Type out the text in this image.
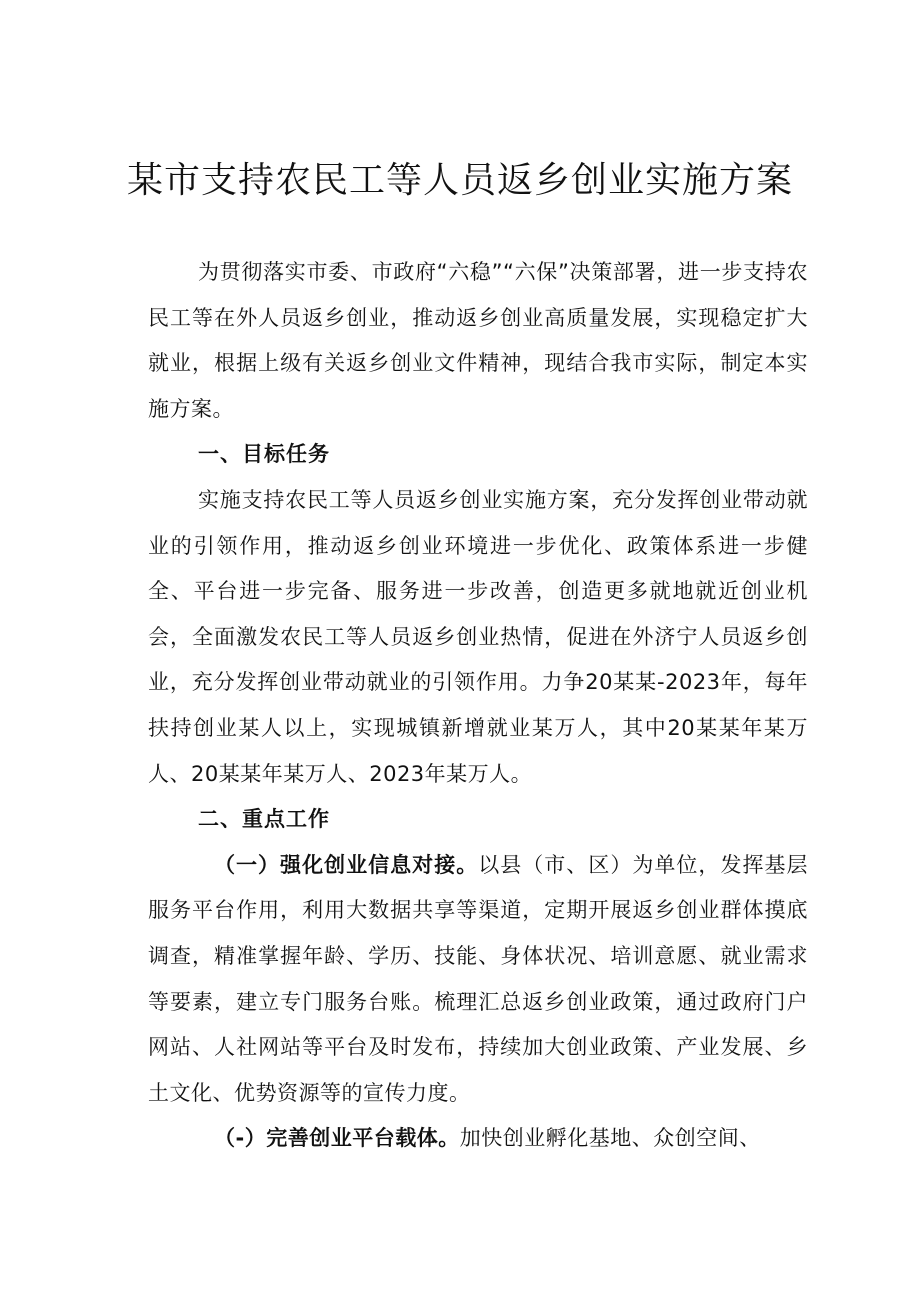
某市支持农民工等人员返乡创业实施方案

为贯彻落实市委、市政府“六稳”“六保”决策部署，进一步支持农民工等在外人员返乡创业，推动返乡创业高质量发展，实现稳定扩大就业，根据上级有关返乡创业文件精神，现结合我市实际，制定本实施方案。

一、目标任务

实施支持农民工等人员返乡创业实施方案，充分发挥创业带动就业的引领作用，推动返乡创业环境进一步优化、政策体系进一步健全、平台进一步完备、服务进一步改善，创造更多就地就近创业机会，全面激发农民工等人员返乡创业热情，促进在外济宁人员返乡创业，充分发挥创业带动就业的引领作用。力争20某某-2023年，每年扶持创业某人以上，实现城镇新增就业某万人，其中20某某年某万人、20某某年某万人、2023年某万人。

二、重点工作

（一）强化创业信息对接。以县（市、区）为单位，发挥基层服务平台作用，利用大数据共享等渠道，定期开展返乡创业群体摸底调查，精准掌握年龄、学历、技能、身体状况、培训意愿、就业需求等要素，建立专门服务台账。梳理汇总返乡创业政策，通过政府门户网站、人社网站等平台及时发布，持续加大创业政策、产业发展、乡土文化、优势资源等的宣传力度。

（-）完善创业平台载体。加快创业孵化基地、众创空间、
